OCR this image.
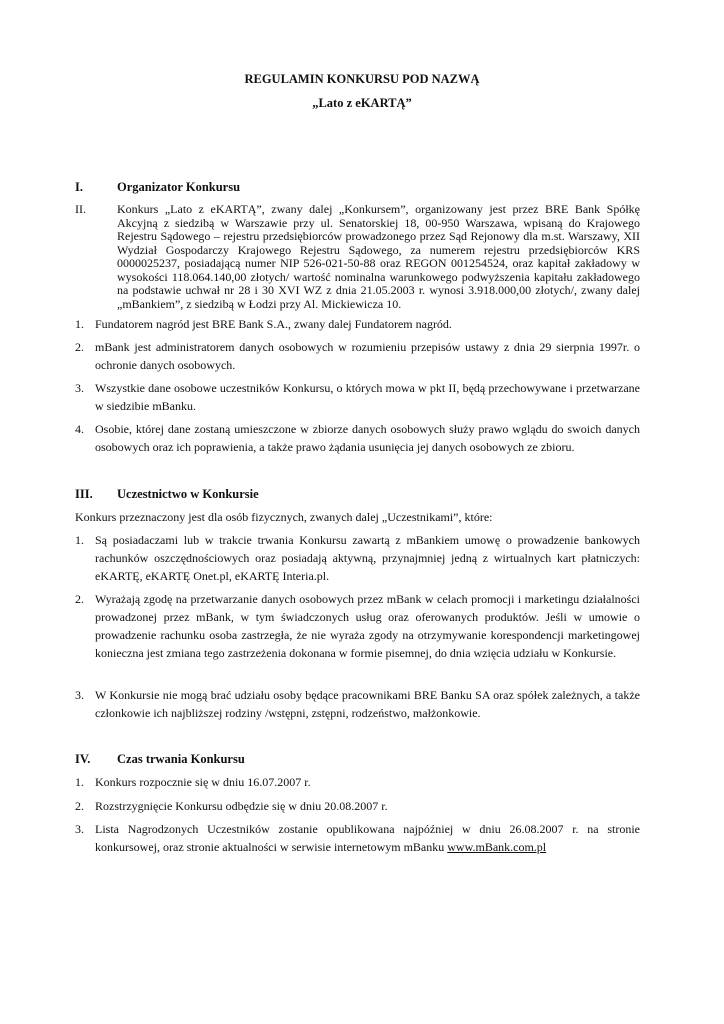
REGULAMIN KONKURSU POD NAZWĄ
„Lato z eKARTĄ”
I.	Organizator Konkursu
II.	Konkurs „Lato z eKARTĄ”, zwany dalej „Konkursem”, organizowany jest przez BRE Bank Spółkę Akcyjną z siedzibą w Warszawie przy ul. Senatorskiej 18, 00-950 Warszawa, wpisaną do Krajowego Rejestru Sądowego – rejestru przedsiębiorców prowadzonego przez Sąd Rejonowy dla m.st. Warszawy, XII Wydział Gospodarczy Krajowego Rejestru Sądowego, za numerem rejestru przedsiębiorców KRS 0000025237, posiadającą numer NIP 526-021-50-88 oraz REGON 001254524, oraz kapitał zakładowy w wysokości 118.064.140,00 złotych/ wartość nominalna warunkowego podwyższenia kapitału zakładowego na podstawie uchwał nr 28 i 30 XVI WZ z dnia 21.05.2003 r. wynosi 3.918.000,00 złotych/, zwany dalej „mBankiem”, z siedzibą w Łodzi przy Al. Mickiewicza 10.
1. Fundatorem nagród jest BRE Bank S.A., zwany dalej Fundatorem nagród.
2. mBank jest administratorem danych osobowych w rozumieniu przepisów ustawy z dnia 29 sierpnia 1997r. o ochronie danych osobowych.
3. Wszystkie dane osobowe uczestników Konkursu, o których mowa w pkt II, będą przechowywane i przetwarzane w siedzibie mBanku.
4. Osobie, której dane zostaną umieszczone w zbiorze danych osobowych służy prawo wglądu do swoich danych osobowych oraz ich poprawienia, a także prawo żądania usunięcia jej danych osobowych ze zbioru.
III. Uczestnictwo w Konkursie
Konkurs przeznaczony jest dla osób fizycznych, zwanych dalej „Uczestnikami”, które:
1. Są posiadaczami lub w trakcie trwania Konkursu zawartą z mBankiem umowę o prowadzenie bankowych rachunków oszczędnościowych oraz posiadają aktywną, przynajmniej jedną z wirtualnych kart płatniczych: eKARTĘ, eKARTĘ Onet.pl, eKARTĘ Interia.pl.
2. Wyrażają zgodę na przetwarzanie danych osobowych przez mBank w celach promocji i marketingu działalności prowadzonej przez mBank, w tym świadczonych usług oraz oferowanych produktów. Jeśli w umowie o prowadzenie rachunku osoba zastrzegła, że nie wyraża zgody na otrzymywanie korespondencji marketingowej konieczna jest zmiana tego zastrzeżenia dokonana w formie pisemnej, do dnia wzięcia udziału w Konkursie.
3. W Konkursie nie mogą brać udziału osoby będące pracownikami BRE Banku SA oraz spółek zależnych, a także członkowie ich najbliższej rodziny /wstępni, zstępni, rodzeństwo, małżonkowie.
IV. Czas trwania Konkursu
1. Konkurs rozpocznie się w dniu 16.07.2007 r.
2. Rozstrzygnięcie Konkursu odbędzie się w dniu 20.08.2007 r.
3. Lista Nagrodzonych Uczestników zostanie opublikowana najpóźniej w dniu 26.08.2007 r. na stronie konkursowej, oraz stronie aktualności w serwisie internetowym mBanku www.mBank.com.pl
